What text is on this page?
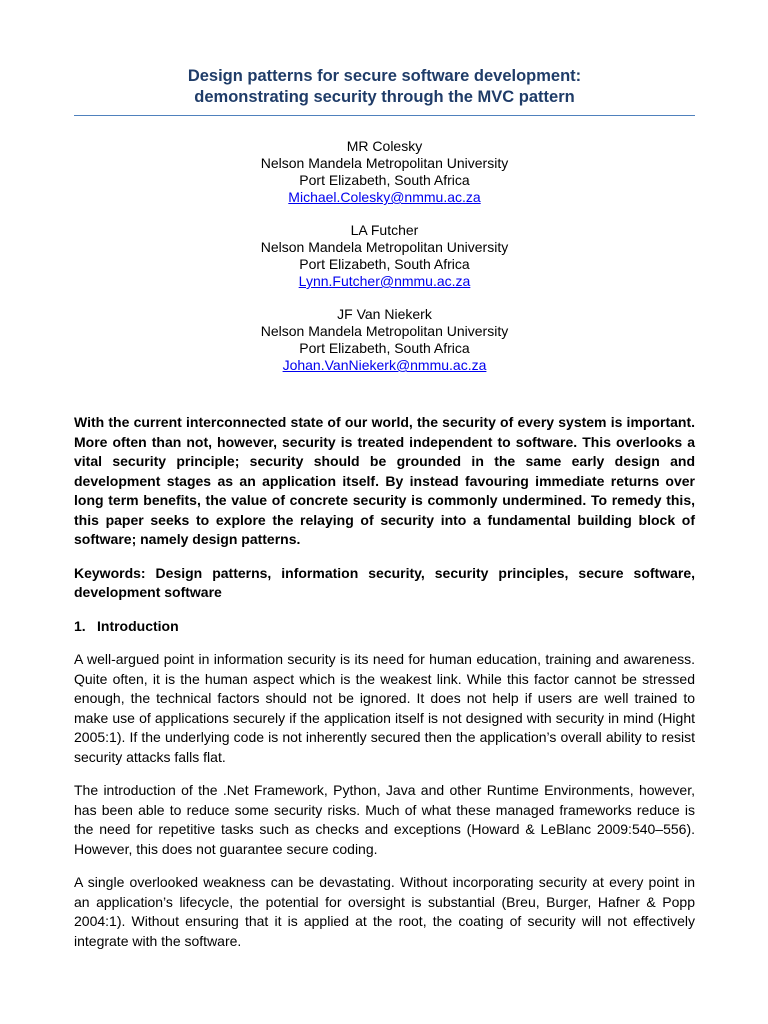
Design patterns for secure software development:
demonstrating security through the MVC pattern
MR Colesky
Nelson Mandela Metropolitan University
Port Elizabeth, South Africa
Michael.Colesky@nmmu.ac.za
LA Futcher
Nelson Mandela Metropolitan University
Port Elizabeth, South Africa
Lynn.Futcher@nmmu.ac.za
JF Van Niekerk
Nelson Mandela Metropolitan University
Port Elizabeth, South Africa
Johan.VanNiekerk@nmmu.ac.za

With the current interconnected state of our world, the security of every system is important. More often than not, however, security is treated independent to software. This overlooks a vital security principle; security should be grounded in the same early design and development stages as an application itself. By instead favouring immediate returns over long term benefits, the value of concrete security is commonly undermined. To remedy this, this paper seeks to explore the relaying of security into a fundamental building block of software; namely design patterns.

Keywords: Design patterns, information security, security principles, secure software, development software

1. Introduction

A well-argued point in information security is its need for human education, training and awareness. Quite often, it is the human aspect which is the weakest link. While this factor cannot be stressed enough, the technical factors should not be ignored. It does not help if users are well trained to make use of applications securely if the application itself is not designed with security in mind (Hight 2005:1). If the underlying code is not inherently secured then the application’s overall ability to resist security attacks falls flat.

The introduction of the .Net Framework, Python, Java and other Runtime Environments, however, has been able to reduce some security risks. Much of what these managed frameworks reduce is the need for repetitive tasks such as checks and exceptions (Howard & LeBlanc 2009:540–556). However, this does not guarantee secure coding.

A single overlooked weakness can be devastating. Without incorporating security at every point in an application’s lifecycle, the potential for oversight is substantial (Breu, Burger, Hafner & Popp 2004:1). Without ensuring that it is applied at the root, the coating of security will not effectively integrate with the software.
